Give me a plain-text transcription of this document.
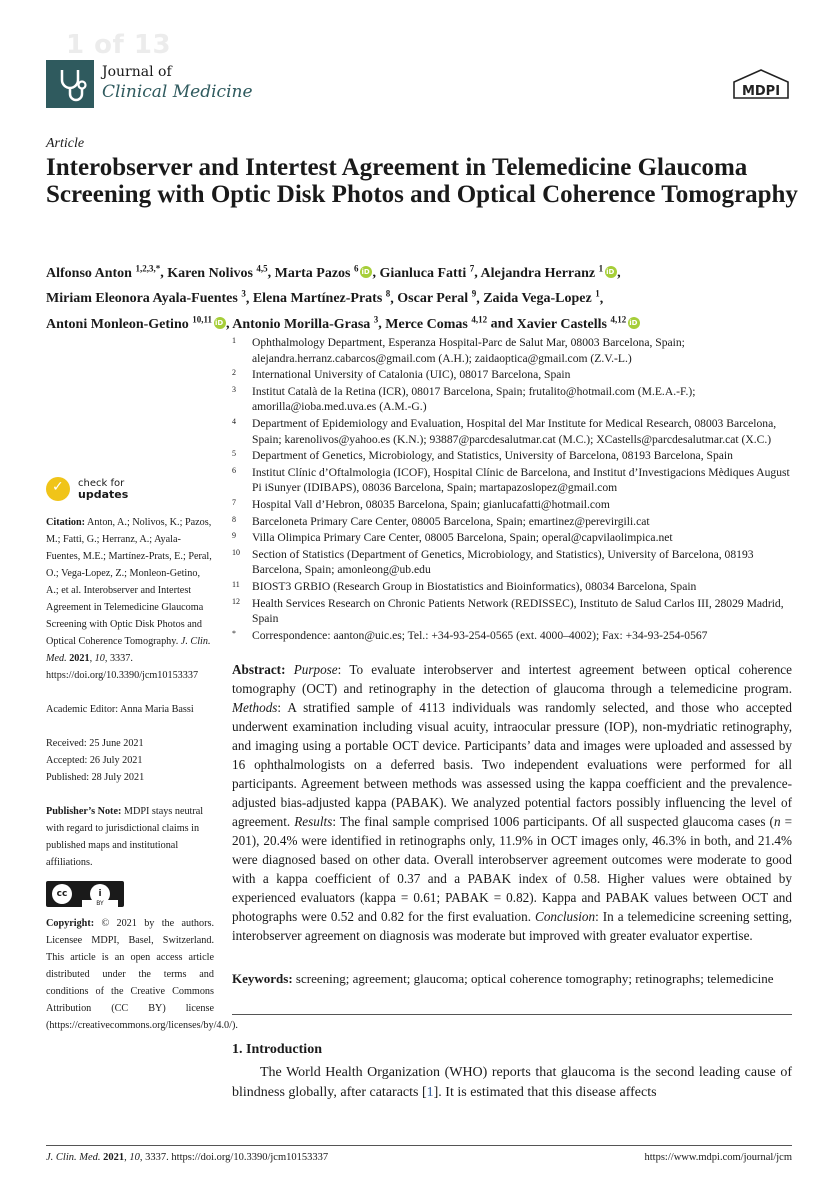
1 of 13
Journal of
Clinical Medicine	MDPI
Article
Interobserver and Intertest Agreement in Telemedicine Glaucoma Screening with Optic Disk Photos and Optical Coherence Tomography
Alfonso Anton $^{1,2,3,*}$, Karen Nolivos $^{4,5}$, Marta Pazos $^6$ iD , Gianluca Fatti $^7$, Alejandra Herranz $^1$ iD ,
Miriam Eleonora Ayala-Fuentes $^3$, Elena Martínez-Prats $^8$, Oscar Peral $^9$, Zaida Vega-Lopez $^1$,
Antoni Monleon-Getino $^{10,11}$ iD , Antonio Morilla-Grasa $^3$, Merce Comas $^{4,12}$ and Xavier Castells $^{4,12}$iD
1	Ophthalmology Department, Esperanza Hospital-Parc de Salut Mar, 08003 Barcelona, Spain; alejandra.herranz.cabarcos@gmail.com (A.H.); zaidaoptica@gmail.com (Z.V.-L.)
2	International University of Catalonia (UIC), 08017 Barcelona, Spain
3	Institut Català de la Retina (ICR), 08017 Barcelona, Spain; frutalito@hotmail.com (M.E.A.-F.); amorilla@ioba.med.uva.es (A.M.-G.)
4	Department of Epidemiology and Evaluation, Hospital del Mar Institute for Medical Research, 08003 Barcelona, Spain; karenolivos@yahoo.es (K.N.); 93887@parcdesalutmar.cat (M.C.); XCastells@parcdesalutmar.cat (X.C.)
5	Department of Genetics, Microbiology, and Statistics, University of Barcelona, 08193 Barcelona, Spain
6	Institut Clínic d’Oftalmologia (ICOF), Hospital Clínic de Barcelona, and Institut d’Investigacions Mèdiques August Pi iSunyer (IDIBAPS), 08036 Barcelona, Spain; martapazoslopez@gmail.com
7	Hospital Vall d’Hebron, 08035 Barcelona, Spain; gianlucafatti@hotmail.com
8	Barceloneta Primary Care Center, 08005 Barcelona, Spain; emartinez@perevirgili.cat
9	Villa Olimpica Primary Care Center, 08005 Barcelona, Spain; operal@capvilaolimpica.net
10	Section of Statistics (Department of Genetics, Microbiology, and Statistics), University of Barcelona, 08193 Barcelona, Spain; amonleong@ub.edu
11	BIOST3 GRBIO (Research Group in Biostatistics and Bioinformatics), 08034 Barcelona, Spain
12	Health Services Research on Chronic Patients Network (REDISSEC), Instituto de Salud Carlos III, 28029 Madrid, Spain
*	Correspondence: aanton@uic.es; Tel.: +34-93-254-0565 (ext. 4000–4002); Fax: +34-93-254-0567
✓
check for
updates

Citation: Anton, A.; Nolivos, K.; Pazos, M.; Fatti, G.; Herranz, A.; Ayala-Fuentes, M.E.; Martínez-Prats, E.; Peral, O.; Vega-Lopez, Z.; Monleon-Getino, A.; et al. Interobserver and Intertest Agreement in Telemedicine Glaucoma Screening with Optic Disk Photos and Optical Coherence Tomography. J. Clin. Med. 2021, 10, 3337. https://doi.org/10.3390/jcm10153337

Academic Editor: Anna Maria Bassi

Received: 25 June 2021

Accepted: 26 July 2021

Published: 28 July 2021

Publisher’s Note: MDPI stays neutral with regard to jurisdictional claims in published maps and institutional affiliations.

cc	i
BY

Copyright: © 2021 by the authors. Licensee MDPI, Basel, Switzerland. This article is an open access article distributed under the terms and conditions of the Creative Commons Attribution (CC BY) license (https://creativecommons.org/licenses/by/4.0/).

Abstract: Purpose: To evaluate interobserver and intertest agreement between optical coherence tomography (OCT) and retinography in the detection of glaucoma through a telemedicine program. Methods: A stratified sample of 4113 individuals was randomly selected, and those who accepted underwent examination including visual acuity, intraocular pressure (IOP), non-mydriatic retinography, and imaging using a portable OCT device. Participants’ data and images were uploaded and assessed by 16 ophthalmologists on a deferred basis. Two independent evaluations were performed for all participants. Agreement between methods was assessed using the kappa coefficient and the prevalence-adjusted bias-adjusted kappa (PABAK). We analyzed potential factors possibly influencing the level of agreement. Results: The final sample comprised 1006 participants. Of all suspected glaucoma cases (n = 201), 20.4% were identified in retinographs only, 11.9% in OCT images only, 46.3% in both, and 21.4% were diagnosed based on other data. Overall interobserver agreement outcomes were moderate to good with a kappa coefficient of 0.37 and a PABAK index of 0.58. Higher values were obtained by experienced evaluators (kappa = 0.61; PABAK = 0.82). Kappa and PABAK values between OCT and photographs were 0.52 and 0.82 for the first evaluation. Conclusion: In a telemedicine screening setting, interobserver agreement on diagnosis was moderate but improved with greater evaluator expertise.
Keywords: screening; agreement; glaucoma; optical coherence tomography; retinographs; telemedicine
1. Introduction
The World Health Organization (WHO) reports that glaucoma is the second leading cause of blindness globally, after cataracts [1]. It is estimated that this disease affects
J. Clin. Med. 2021, 10, 3337. https://doi.org/10.3390/jcm10153337	https://www.mdpi.com/journal/jcm
